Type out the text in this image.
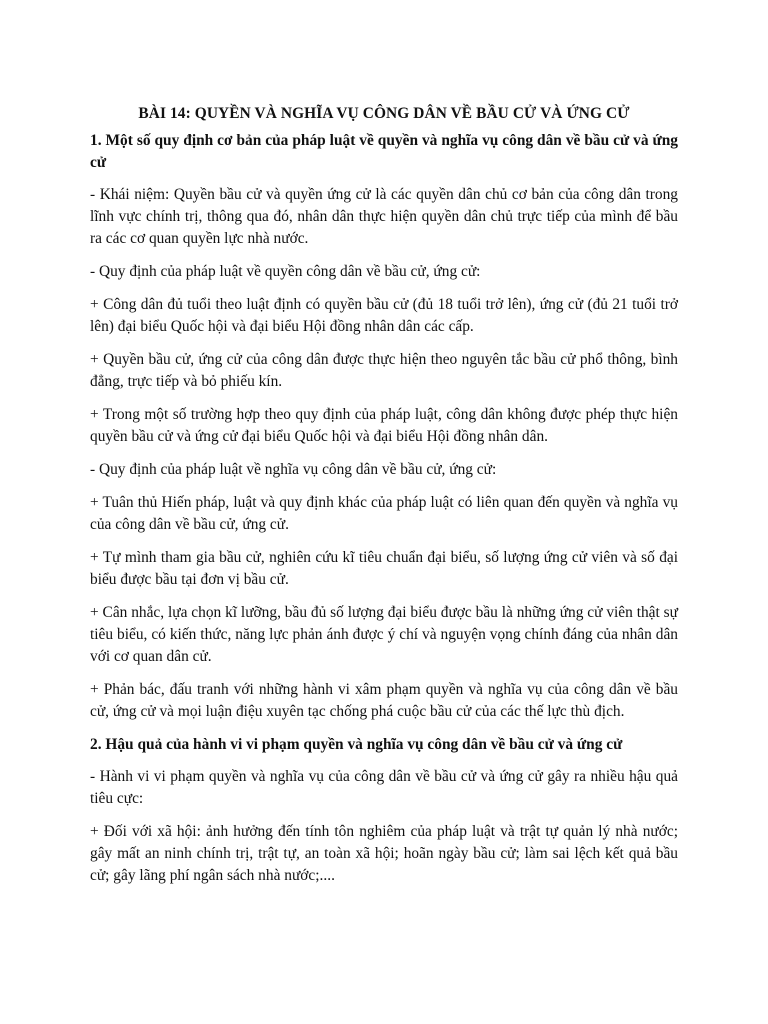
BÀI 14: QUYỀN VÀ NGHĨA VỤ CÔNG DÂN VỀ BẦU CỬ VÀ ỨNG CỬ
1. Một số quy định cơ bản của pháp luật về quyền và nghĩa vụ công dân về bầu cử và ứng cử

- Khái niệm: Quyền bầu cử và quyền ứng cử là các quyền dân chủ cơ bản của công dân trong lĩnh vực chính trị, thông qua đó, nhân dân thực hiện quyền dân chủ trực tiếp của mình để bầu ra các cơ quan quyền lực nhà nước.

- Quy định của pháp luật về quyền công dân về bầu cử, ứng cử:

+ Công dân đủ tuổi theo luật định có quyền bầu cử (đủ 18 tuổi trở lên), ứng cử (đủ 21 tuổi trở lên) đại biểu Quốc hội và đại biểu Hội đồng nhân dân các cấp.

+ Quyền bầu cử, ứng cử của công dân được thực hiện theo nguyên tắc bầu cử phổ thông, bình đẳng, trực tiếp và bỏ phiếu kín.

+ Trong một số trường hợp theo quy định của pháp luật, công dân không được phép thực hiện quyền bầu cử và ứng cử đại biểu Quốc hội và đại biểu Hội đồng nhân dân.

- Quy định của pháp luật về nghĩa vụ công dân về bầu cử, ứng cử:

+ Tuân thủ Hiến pháp, luật và quy định khác của pháp luật có liên quan đến quyền và nghĩa vụ của công dân về bầu cử, ứng cử.

+ Tự mình tham gia bầu cử, nghiên cứu kĩ tiêu chuẩn đại biểu, số lượng ứng cử viên và số đại biểu được bầu tại đơn vị bầu cử.

+ Cân nhắc, lựa chọn kĩ lưỡng, bầu đủ số lượng đại biểu được bầu là những ứng cử viên thật sự tiêu biểu, có kiến thức, năng lực phản ánh được ý chí và nguyện vọng chính đáng của nhân dân với cơ quan dân cử.

+ Phản bác, đấu tranh với những hành vi xâm phạm quyền và nghĩa vụ của công dân về bầu cử, ứng cử và mọi luận điệu xuyên tạc chống phá cuộc bầu cử của các thế lực thù địch.

2. Hậu quả của hành vi vi phạm quyền và nghĩa vụ công dân về bầu cử và ứng cử

- Hành vi vi phạm quyền và nghĩa vụ của công dân về bầu cử và ứng cử gây ra nhiều hậu quả tiêu cực:

+ Đối với xã hội: ảnh hưởng đến tính tôn nghiêm của pháp luật và trật tự quản lý nhà nước; gây mất an ninh chính trị, trật tự, an toàn xã hội; hoãn ngày bầu cử; làm sai lệch kết quả bầu cử; gây lãng phí ngân sách nhà nước;....
